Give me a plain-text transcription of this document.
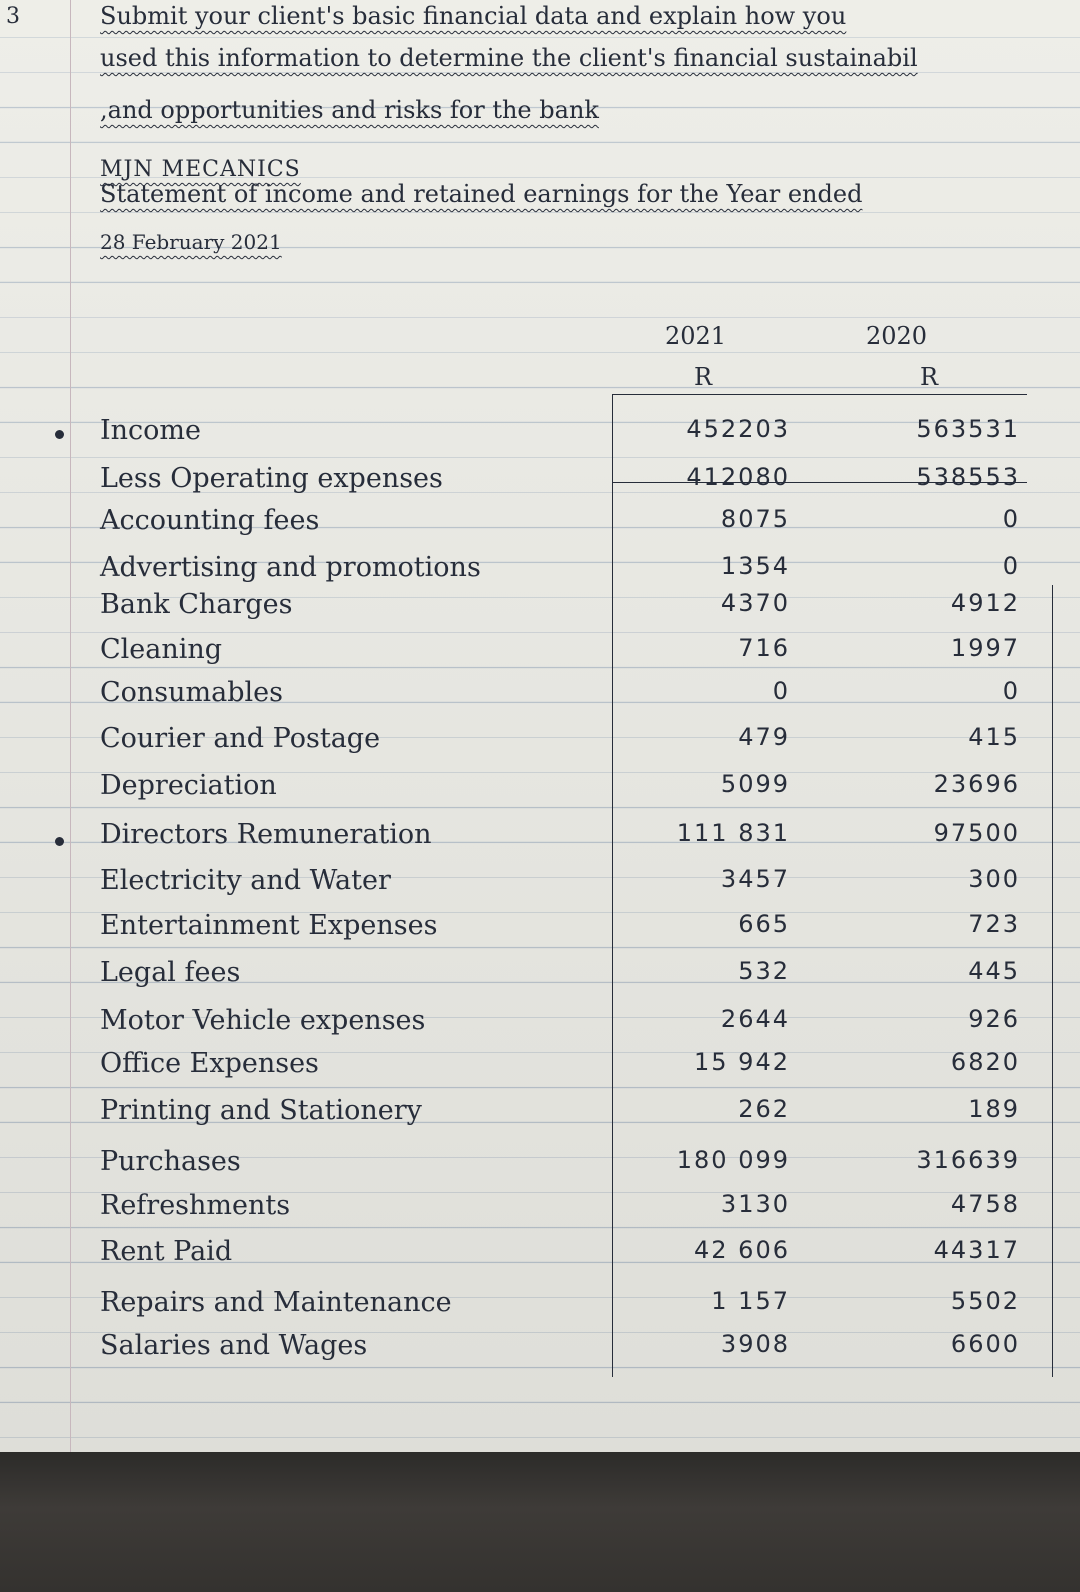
3	Submit your client's basic financial data and explain how you
used this information to determine the client's financial sustainabil
,and opportunities and risks for the bank
MJN MECANICS
Statement of income and retained earnings for the Year ended
28 February 2021
2021	2020
R	R
Income	452203	563531
Less Operating expenses	412080	538553
Accounting fees	8075	0
Advertising and promotions	1354	0
Bank Charges	4370	4912
Cleaning	716	1997
Consumables	0	0
Courier and Postage	479	415
Depreciation	5099	23696
Directors Remuneration	111 831	97500
Electricity and Water	3457	300
Entertainment Expenses	665	723
Legal fees	532	445
Motor Vehicle expenses	2644	926
Office Expenses	15 942	6820
Printing and Stationery	262	189
Purchases	180 099	316639
Refreshments	3130	4758
Rent Paid	42 606	44317
Repairs and Maintenance	1 157	5502
Salaries and Wages	3908	6600
